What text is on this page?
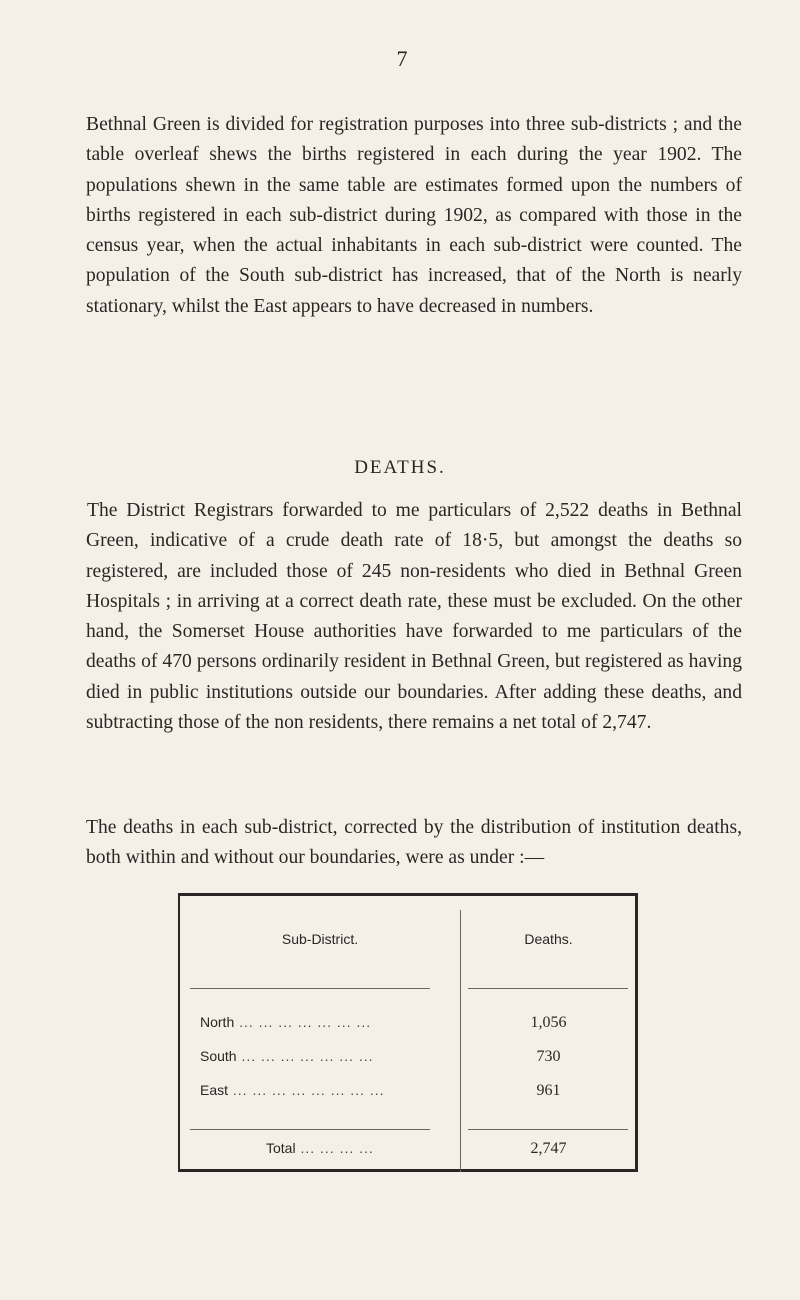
7

Bethnal Green is divided for registration purposes into three sub-districts ; and the table overleaf shews the births registered in each during the year 1902. The populations shewn in the same table are estimates formed upon the numbers of births registered in each sub-district during 1902, as compared with those in the census year, when the actual inhabitants in each sub-district were counted. The population of the South sub-district has increased, that of the North is nearly stationary, whilst the East appears to have decreased in numbers.

DEATHS.

The District Registrars forwarded to me particulars of 2,522 deaths in Bethnal Green, indicative of a crude death rate of 18·5, but amongst the deaths so registered, are included those of 245 non-residents who died in Bethnal Green Hospitals ; in arriving at a correct death rate, these must be excluded. On the other hand, the Somerset House authorities have forwarded to me particulars of the deaths of 470 persons ordinarily resident in Bethnal Green, but registered as having died in public institutions outside our boundaries. After adding these deaths, and subtracting those of the non residents, there remains a net total of 2,747.

The deaths in each sub-district, corrected by the distribution of institution deaths, both within and without our boundaries, were as under :—

Sub-District.	Deaths.
North ... ... ... ... ... ... ...	1,056
South ... ... ... ... ... ... ...	730
East ... ... ... ... ... ... ... ...	961
Total ... ... ... ...	2,747
